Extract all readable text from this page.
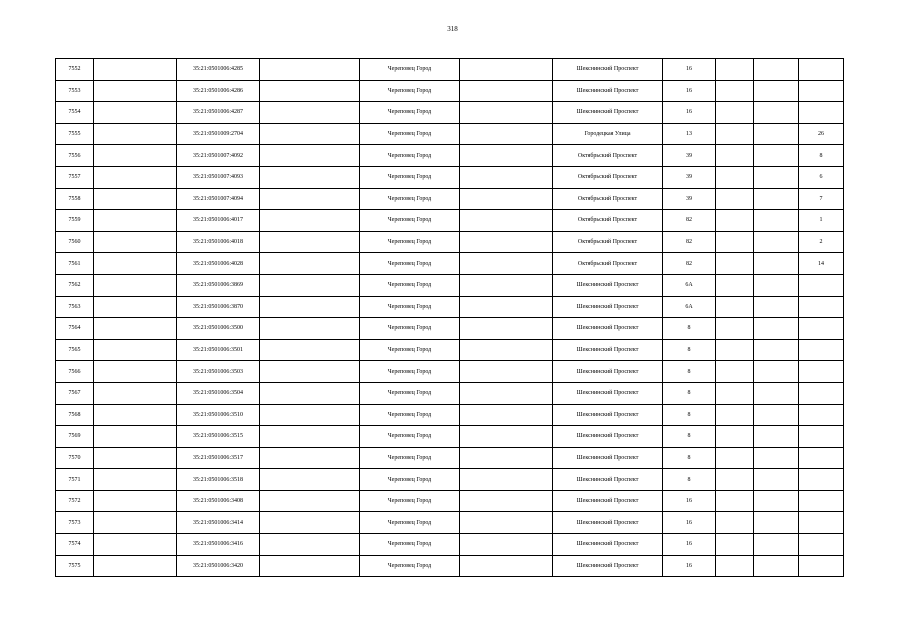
318
7552		35:21:0501006:4285		Череповец Город		Шекснинский Проспект	16			
7553		35:21:0501006:4286		Череповец Город		Шекснинский Проспект	16			
7554		35:21:0501006:4287		Череповец Город		Шекснинский Проспект	16			
7555		35:21:0501009:2704		Череповец Город		Городецкая Улица	13			26
7556		35:21:0501007:4092		Череповец Город		Октябрьский Проспект	39			8
7557		35:21:0501007:4093		Череповец Город		Октябрьский Проспект	39			6
7558		35:21:0501007:4094		Череповец Город		Октябрьский Проспект	39			7
7559		35:21:0501006:4017		Череповец Город		Октябрьский Проспект	82			1
7560		35:21:0501006:4018		Череповец Город		Октябрьский Проспект	82			2
7561		35:21:0501006:4028		Череповец Город		Октябрьский Проспект	82			14
7562		35:21:0501006:3869		Череповец Город		Шекснинский Проспект	6А			
7563		35:21:0501006:3870		Череповец Город		Шекснинский Проспект	6А			
7564		35:21:0501006:3500		Череповец Город		Шекснинский Проспект	8			
7565		35:21:0501006:3501		Череповец Город		Шекснинский Проспект	8			
7566		35:21:0501006:3503		Череповец Город		Шекснинский Проспект	8			
7567		35:21:0501006:3504		Череповец Город		Шекснинский Проспект	8			
7568		35:21:0501006:3510		Череповец Город		Шекснинский Проспект	8			
7569		35:21:0501006:3515		Череповец Город		Шекснинский Проспект	8			
7570		35:21:0501006:3517		Череповец Город		Шекснинский Проспект	8			
7571		35:21:0501006:3518		Череповец Город		Шекснинский Проспект	8			
7572		35:21:0501006:3408		Череповец Город		Шекснинский Проспект	16			
7573		35:21:0501006:3414		Череповец Город		Шекснинский Проспект	16			
7574		35:21:0501006:3416		Череповец Город		Шекснинский Проспект	16			
7575		35:21:0501006:3420		Череповец Город		Шекснинский Проспект	16			
